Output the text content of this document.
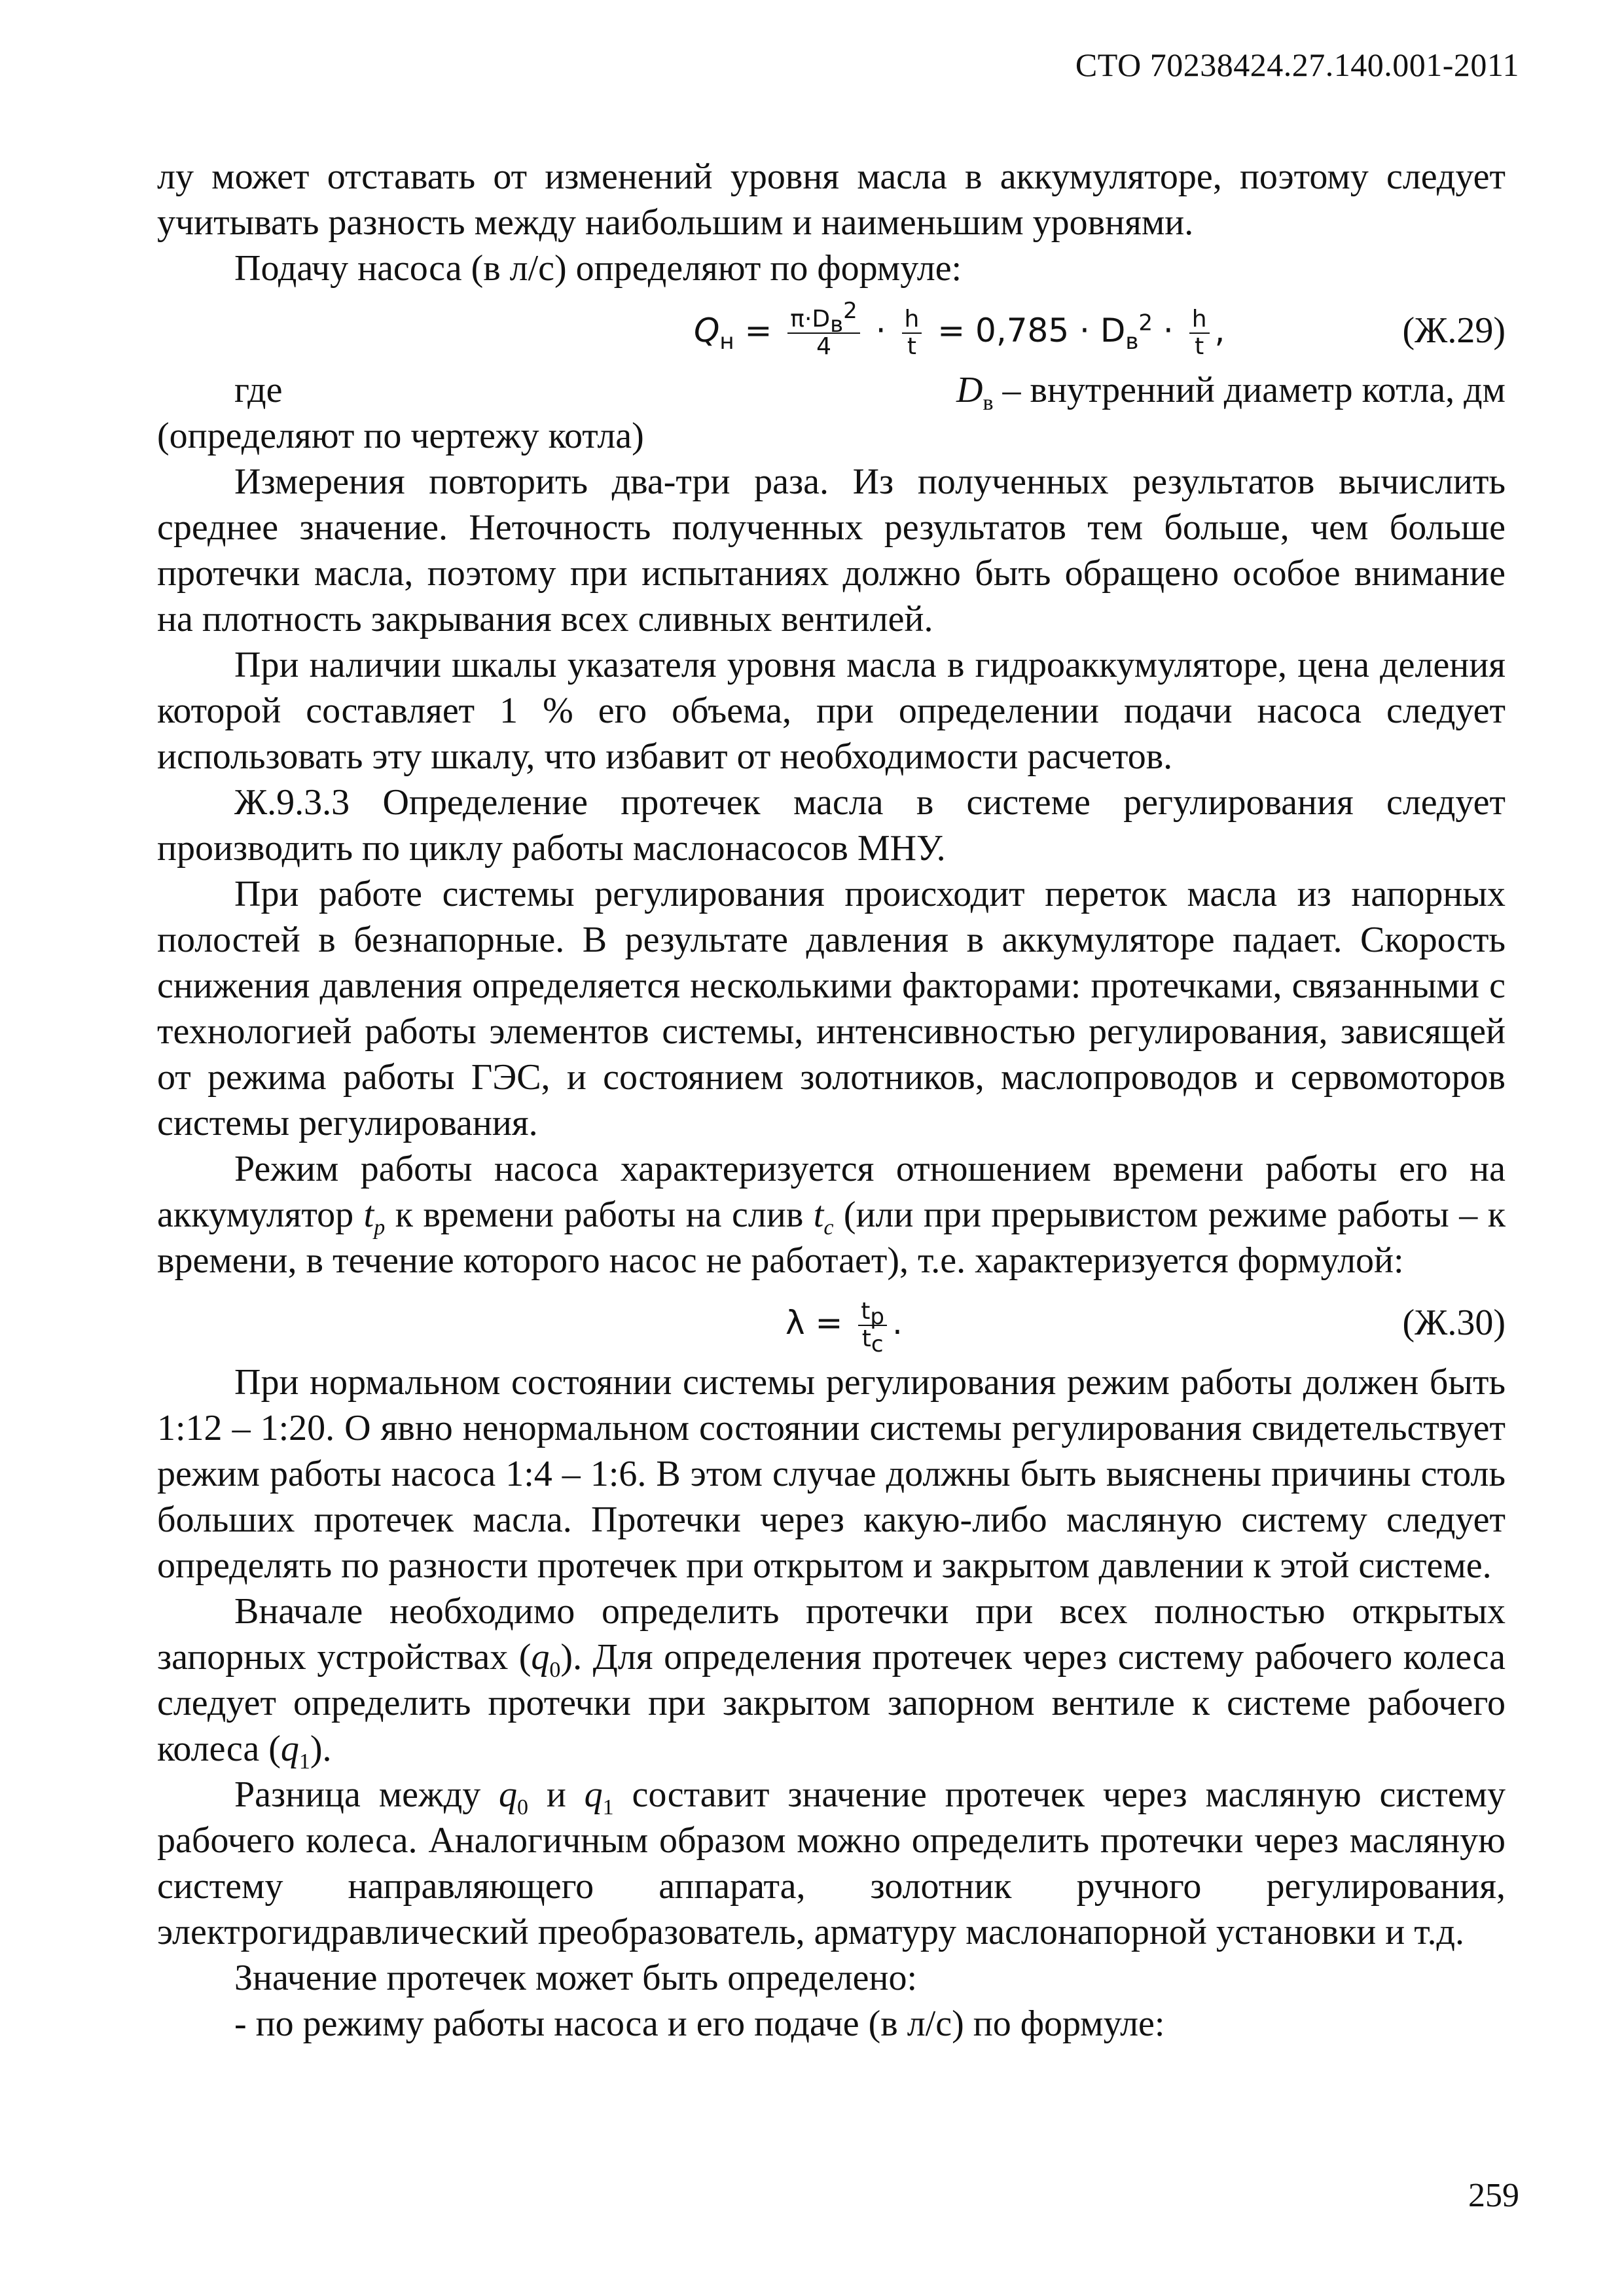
СТО 70238424.27.140.001-2011

лу может отставать от изменений уровня масла в аккумуляторе, поэтому следует учитывать разность между наибольшим и наименьшим уровнями.

Подачу насоса (в л/с) определяют по формуле:

$Q_н = \frac{\pi\cdot D_в^2}{4} \cdot \frac{h}{t} = 0,785 \cdot D_в^2 \cdot \frac{h}{t}$ ,	(Ж.29)
где	$D_в$ – внутренний диаметр котла, дм

(определяют по чертежу котла)

Измерения повторить два-три раза. Из полученных результатов вычислить среднее значение. Неточность полученных результатов тем больше, чем больше протечки масла, поэтому при испытаниях должно быть обращено особое внимание на плотность закрывания всех сливных вентилей.

При наличии шкалы указателя уровня масла в гидроаккумуляторе, цена деления которой составляет 1 % его объема, при определении подачи насоса следует использовать эту шкалу, что избавит от необходимости расчетов.

Ж.9.3.3 Определение протечек масла в системе регулирования следует производить по циклу работы маслонасосов МНУ.

При работе системы регулирования происходит переток масла из напорных полостей в безнапорные. В результате давления в аккумуляторе падает. Скорость снижения давления определяется несколькими факторами: протечками, связанными с технологией работы элементов системы, интенсивностью регулирования, зависящей от режима работы ГЭС, и состоянием золотников, маслопроводов и сервомоторов системы регулирования.

Режим работы насоса характеризуется отношением времени работы его на аккумулятор $t_p$ к времени работы на слив $t_c$ (или при прерывистом режиме работы – к времени, в течение которого насос не работает), т.е. характеризуется формулой:

$\lambda = \frac{t_p}{t_c}$ .	(Ж.30)

При нормальном состоянии системы регулирования режим работы должен быть 1:12 – 1:20. О явно ненормальном состоянии системы регулирования свидетельствует режим работы насоса 1:4 – 1:6. В этом случае должны быть выяснены причины столь больших протечек масла. Протечки через какую-либо масляную систему следует определять по разности протечек при открытом и закрытом давлении к этой системе.

Вначале необходимо определить протечки при всех полностью открытых запорных устройствах $(q_0)$. Для определения протечек через систему рабочего колеса следует определить протечки при закрытом запорном вентиле к системе рабочего колеса $(q_1)$.

Разница между $q_0$ и $q_1$ составит значение протечек через масляную систему рабочего колеса. Аналогичным образом можно определить протечки через масляную систему направляющего аппарата, золотник ручного регулирования, электрогидравлический преобразователь, арматуру маслонапорной установки и т.д.

Значение протечек может быть определено:

- по режиму работы насоса и его подаче (в л/с) по формуле:

259
